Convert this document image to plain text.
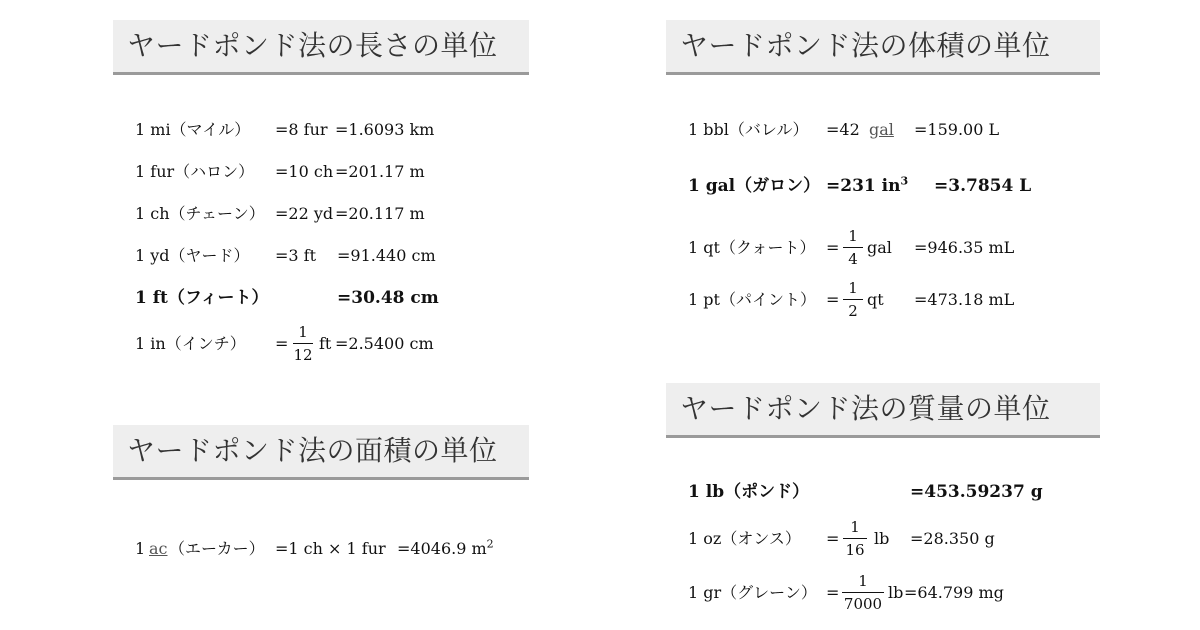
ヤードポンド法の長さの単位
1 mi（マイル） =8 fur =1.6093 km
1 fur（ハロン） =10 ch =201.17 m
1 ch（チェーン） =22 yd =20.117 m
1 yd（ヤード） =3 ft =91.440 cm
1 ft（フィート）	=30.48 cm
1 in（インチ） =
1
12
ft =2.5400 cm
ヤードポンド法の面積の単位
1 ac （エーカー） =1 ch × 1 fur =4046.9 $m^2$
ヤードポンド法の体積の単位
1 bbl（バレル） =42 gal =159.00 L
1 gal（ガロン） =231 $in^3 =3.7854$ L
1 qt（クォート） =
1
4
gal =946.35 mL
1 pt（パイント） =
1
2
qt =473.18 mL
ヤードポンド法の質量の単位
1 lb（ポンド）	=453.59237 g
1 oz（オンス） =
1
16
lb =28.350 g
1 gr（グレーン） =
1
7000
lb =64.799 mg
